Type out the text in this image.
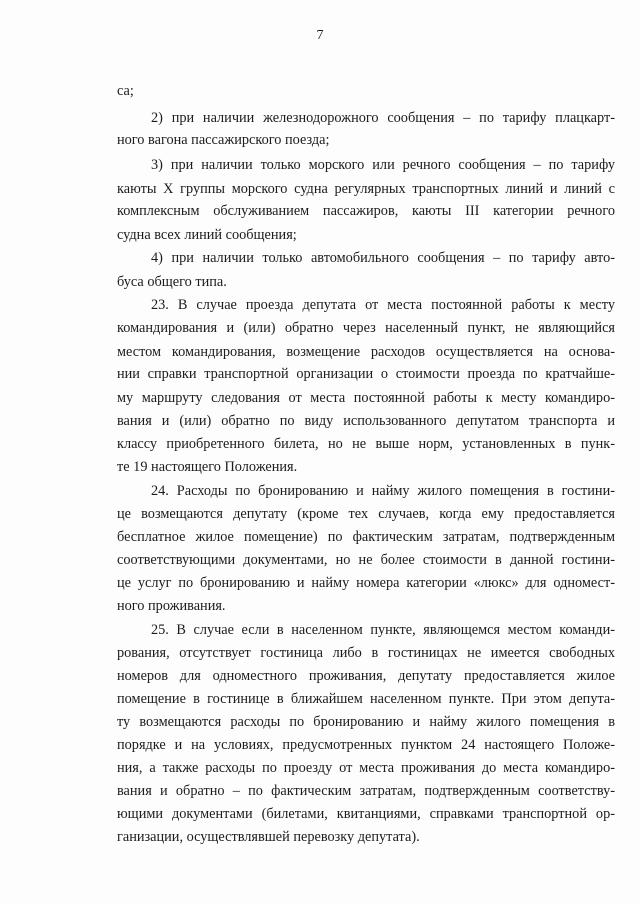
7
са;
2) при наличии железнодорожного сообщения – по тарифу плацкарт-
ного вагона пассажирского поезда;
3) при наличии только морского или речного сообщения – по тарифу
каюты X группы морского судна регулярных транспортных линий и линий с
комплексным обслуживанием пассажиров, каюты III категории речного
судна всех линий сообщения;
4) при наличии только автомобильного сообщения – по тарифу авто-
буса общего типа.
23. В случае проезда депутата от места постоянной работы к месту
командирования и (или) обратно через населенный пункт, не являющийся
местом командирования, возмещение расходов осуществляется на основа-
нии справки транспортной организации о стоимости проезда по кратчайше-
му маршруту следования от места постоянной работы к месту командиро-
вания и (или) обратно по виду использованного депутатом транспорта и
классу приобретенного билета, но не выше норм, установленных в пунк-
те 19 настоящего Положения.
24. Расходы по бронированию и найму жилого помещения в гостини-
це возмещаются депутату (кроме тех случаев, когда ему предоставляется
бесплатное жилое помещение) по фактическим затратам, подтвержденным
соответствующими документами, но не более стоимости в данной гостини-
це услуг по бронированию и найму номера категории «люкс» для одномест-
ного проживания.
25. В случае если в населенном пункте, являющемся местом команди-
рования, отсутствует гостиница либо в гостиницах не имеется свободных
номеров для одноместного проживания, депутату предоставляется жилое
помещение в гостинице в ближайшем населенном пункте. При этом депута-
ту возмещаются расходы по бронированию и найму жилого помещения в
порядке и на условиях, предусмотренных пунктом 24 настоящего Положе-
ния, а также расходы по проезду от места проживания до места командиро-
вания и обратно – по фактическим затратам, подтвержденным соответству-
ющими документами (билетами, квитанциями, справками транспортной ор-
ганизации, осуществлявшей перевозку депутата).
